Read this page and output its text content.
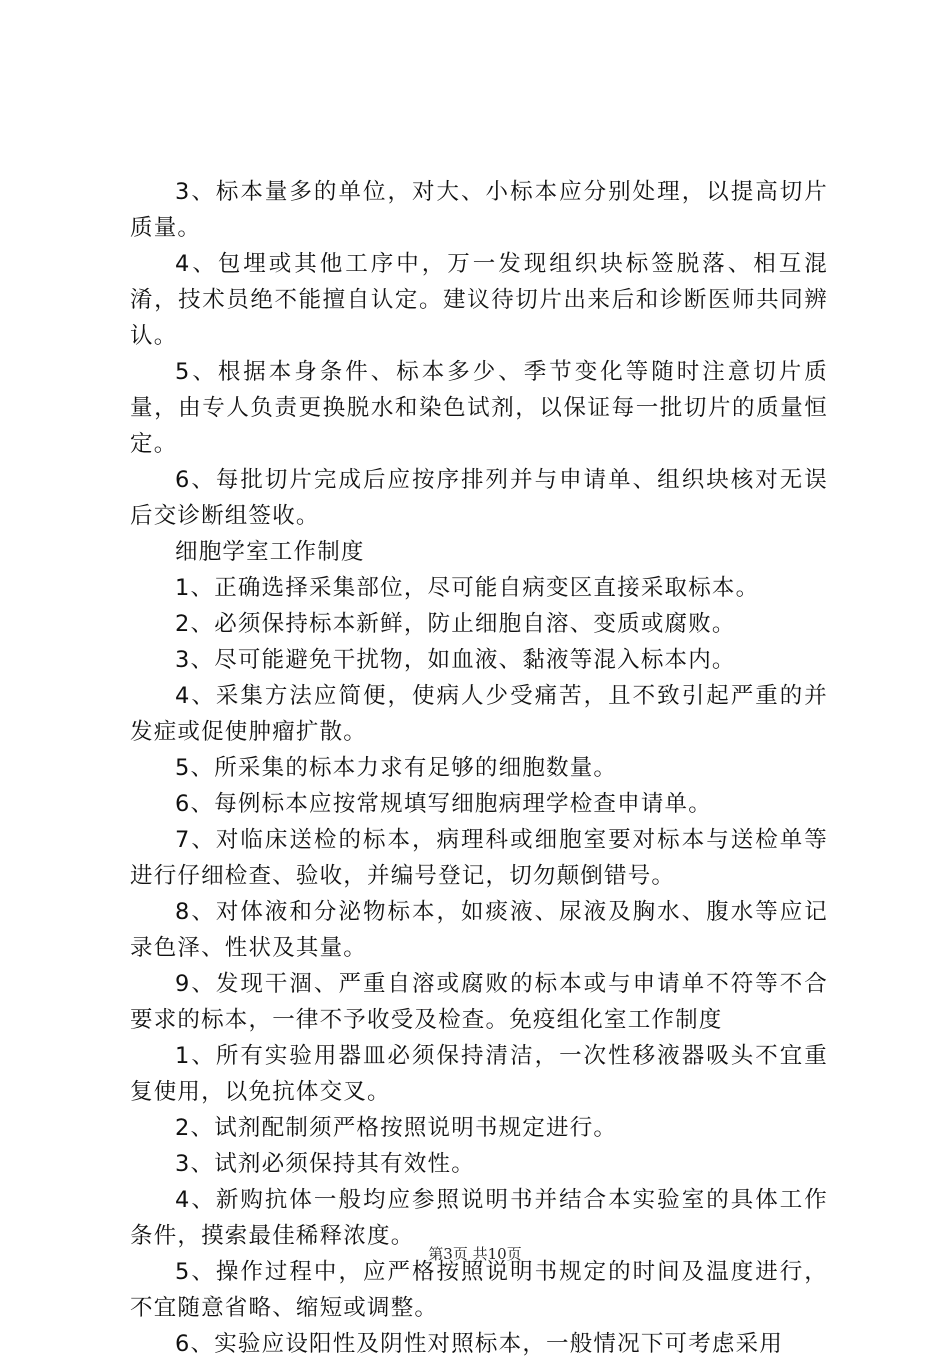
3、标本量多的单位，对大、小标本应分别处理，以提高切片质量。

4、包埋或其他工序中，万一发现组织块标签脱落、相互混淆，技术员绝不能擅自认定。建议待切片出来后和诊断医师共同辨认。

5、根据本身条件、标本多少、季节变化等随时注意切片质量，由专人负责更换脱水和染色试剂，以保证每一批切片的质量恒定。

6、每批切片完成后应按序排列并与申请单、组织块核对无误后交诊断组签收。

细胞学室工作制度

1、正确选择采集部位，尽可能自病变区直接采取标本。

2、必须保持标本新鲜，防止细胞自溶、变质或腐败。

3、尽可能避免干扰物，如血液、黏液等混入标本内。

4、采集方法应简便，使病人少受痛苦，且不致引起严重的并发症或促使肿瘤扩散。

5、所采集的标本力求有足够的细胞数量。

6、每例标本应按常规填写细胞病理学检查申请单。

7、对临床送检的标本，病理科或细胞室要对标本与送检单等进行仔细检查、验收，并编号登记，切勿颠倒错号。

8、对体液和分泌物标本，如痰液、尿液及胸水、腹水等应记录色泽、性状及其量。

9、发现干涸、严重自溶或腐败的标本或与申请单不符等不合要求的标本，一律不予收受及检查。免疫组化室工作制度

1、所有实验用器皿必须保持清洁，一次性移液器吸头不宜重复使用，以免抗体交叉。

2、试剂配制须严格按照说明书规定进行。

3、试剂必须保持其有效性。

4、新购抗体一般均应参照说明书并结合本实验室的具体工作条件，摸索最佳稀释浓度。

5、操作过程中，应严格按照说明书规定的时间及温度进行，不宜随意省略、缩短或调整。

6、实验应设阳性及阴性对照标本，一般情况下可考虑采用

第3页 共10页
